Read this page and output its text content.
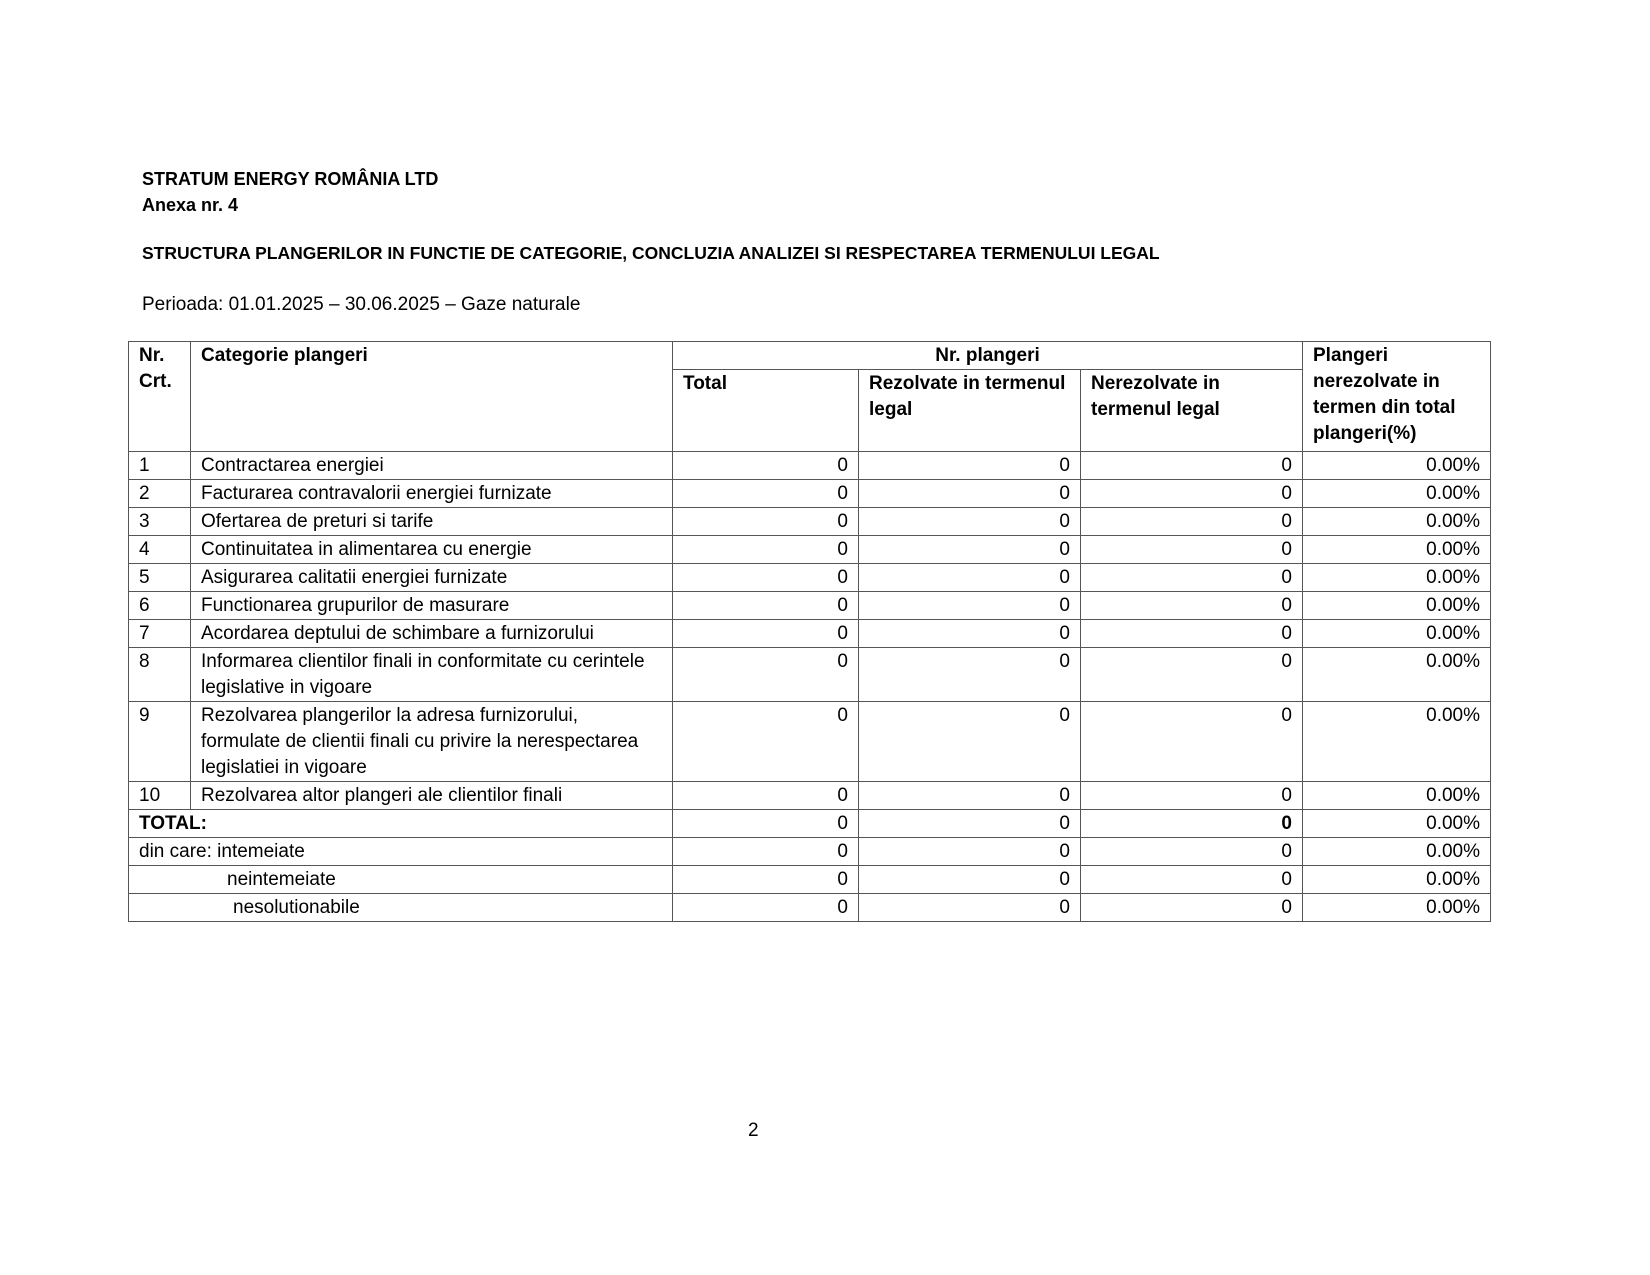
STRATUM ENERGY ROMÂNIA LTD
Anexa nr. 4
STRUCTURA PLANGERILOR IN FUNCTIE DE CATEGORIE, CONCLUZIA ANALIZEI SI RESPECTAREA TERMENULUI LEGAL
Perioada: 01.01.2025 – 30.06.2025 – Gaze naturale
Nr. Crt.	Categorie plangeri	Nr. plangeri			Plangeri nerezolvate in termen din total plangeri(%)
		Total	Rezolvate in termenul legal	Nerezolvate in termenul legal	
1	Contractarea energiei	0	0	0	0.00%
2	Facturarea contravalorii energiei furnizate	0	0	0	0.00%
3	Ofertarea de preturi si tarife	0	0	0	0.00%
4	Continuitatea in alimentarea cu energie	0	0	0	0.00%
5	Asigurarea calitatii energiei furnizate	0	0	0	0.00%
6	Functionarea grupurilor de masurare	0	0	0	0.00%
7	Acordarea deptului de schimbare a furnizorului	0	0	0	0.00%
8	Informarea clientilor finali in conformitate cu cerintele legislative in vigoare	0	0	0	0.00%
9	Rezolvarea plangerilor la adresa furnizorului, formulate de clientii finali cu privire la nerespectarea legislatiei in vigoare	0	0	0	0.00%
10	Rezolvarea altor plangeri ale clientilor finali	0	0	0	0.00%
TOTAL:		0	0	0	0.00%
din care: intemeiate		0	0	0	0.00%
neintemeiate		0	0	0	0.00%
nesolutionabile		0	0	0	0.00%
2
